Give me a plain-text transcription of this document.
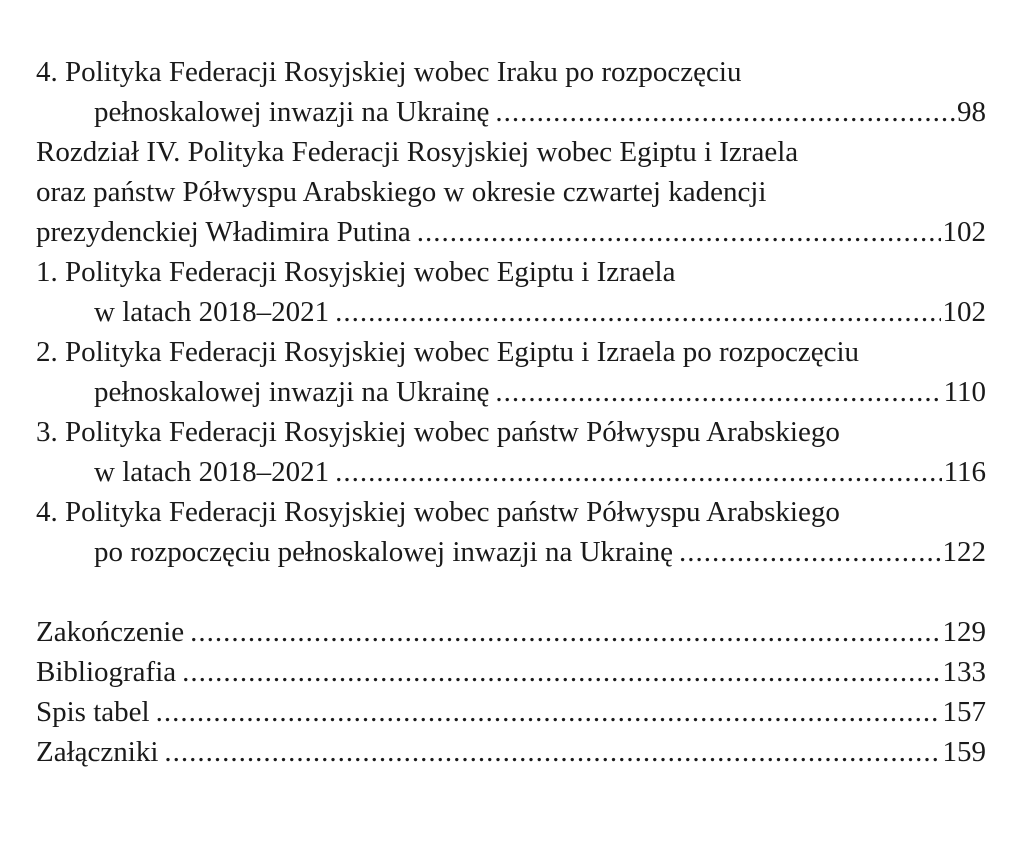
4. Polityka Federacji Rosyjskiej wobec Iraku po rozpoczęciu
pełnoskalowej inwazji na Ukrainę .....	98
Rozdział IV. Polityka Federacji Rosyjskiej wobec Egiptu i Izraela
oraz państw Półwyspu Arabskiego w okresie czwartej kadencji
prezydenckiej Władimira Putina .....	102
1. Polityka Federacji Rosyjskiej wobec Egiptu i Izraela
w latach 2018–2021 .....	102
2. Polityka Federacji Rosyjskiej wobec Egiptu i Izraela po rozpoczęciu
pełnoskalowej inwazji na Ukrainę .....	110
3. Polityka Federacji Rosyjskiej wobec państw Półwyspu Arabskiego
w latach 2018–2021 .....	116
4. Polityka Federacji Rosyjskiej wobec państw Półwyspu Arabskiego
po rozpoczęciu pełnoskalowej inwazji na Ukrainę .....	122
Zakończenie .....	129
Bibliografia .....	133
Spis tabel .....	157
Załączniki .....	159
